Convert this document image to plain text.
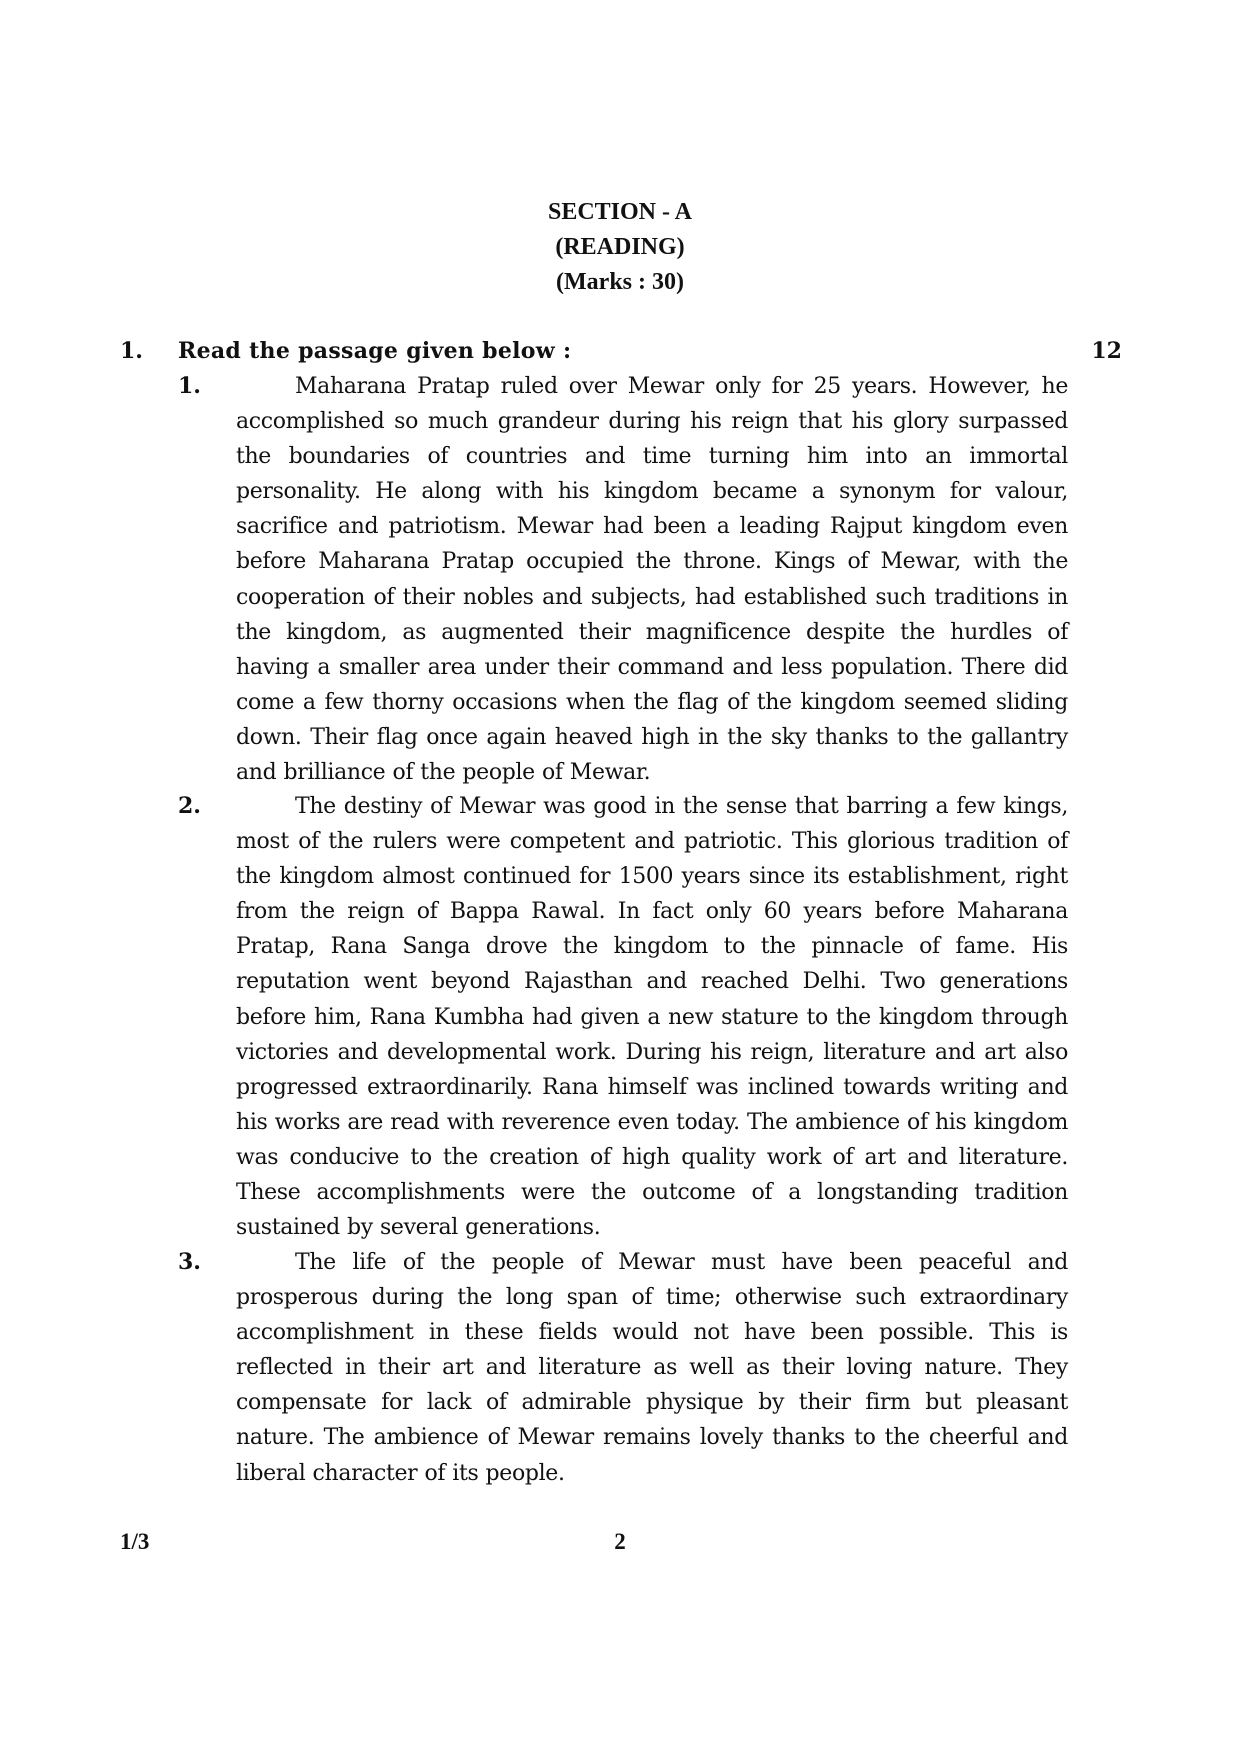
SECTION - A
(READING)
(Marks : 30)
1. Read the passage given below :	12
1.	Maharana Pratap ruled over Mewar only for 25 years. However, he accomplished so much grandeur during his reign that his glory surpassed the boundaries of countries and time turning him into an immortal personality. He along with his kingdom became a synonym for valour, sacrifice and patriotism. Mewar had been a leading Rajput kingdom even before Maharana Pratap occupied the throne. Kings of Mewar, with the cooperation of their nobles and subjects, had established such traditions in the kingdom, as augmented their magnificence despite the hurdles of having a smaller area under their command and less population. There did come a few thorny occasions when the flag of the kingdom seemed sliding down. Their flag once again heaved high in the sky thanks to the gallantry and brilliance of the people of Mewar.
2.	The destiny of Mewar was good in the sense that barring a few kings, most of the rulers were competent and patriotic. This glorious tradition of the kingdom almost continued for 1500 years since its establishment, right from the reign of Bappa Rawal. In fact only 60 years before Maharana Pratap, Rana Sanga drove the kingdom to the pinnacle of fame. His reputation went beyond Rajasthan and reached Delhi. Two generations before him, Rana Kumbha had given a new stature to the kingdom through victories and developmental work. During his reign, literature and art also progressed extraordinarily. Rana himself was inclined towards writing and his works are read with reverence even today. The ambience of his kingdom was conducive to the creation of high quality work of art and literature. These accomplishments were the outcome of a longstanding tradition sustained by several generations.
3.	The life of the people of Mewar must have been peaceful and prosperous during the long span of time; otherwise such extraordinary accomplishment in these fields would not have been possible. This is reflected in their art and literature as well as their loving nature. They compensate for lack of admirable physique by their firm but pleasant nature. The ambience of Mewar remains lovely thanks to the cheerful and liberal character of its people.
1/3	2
